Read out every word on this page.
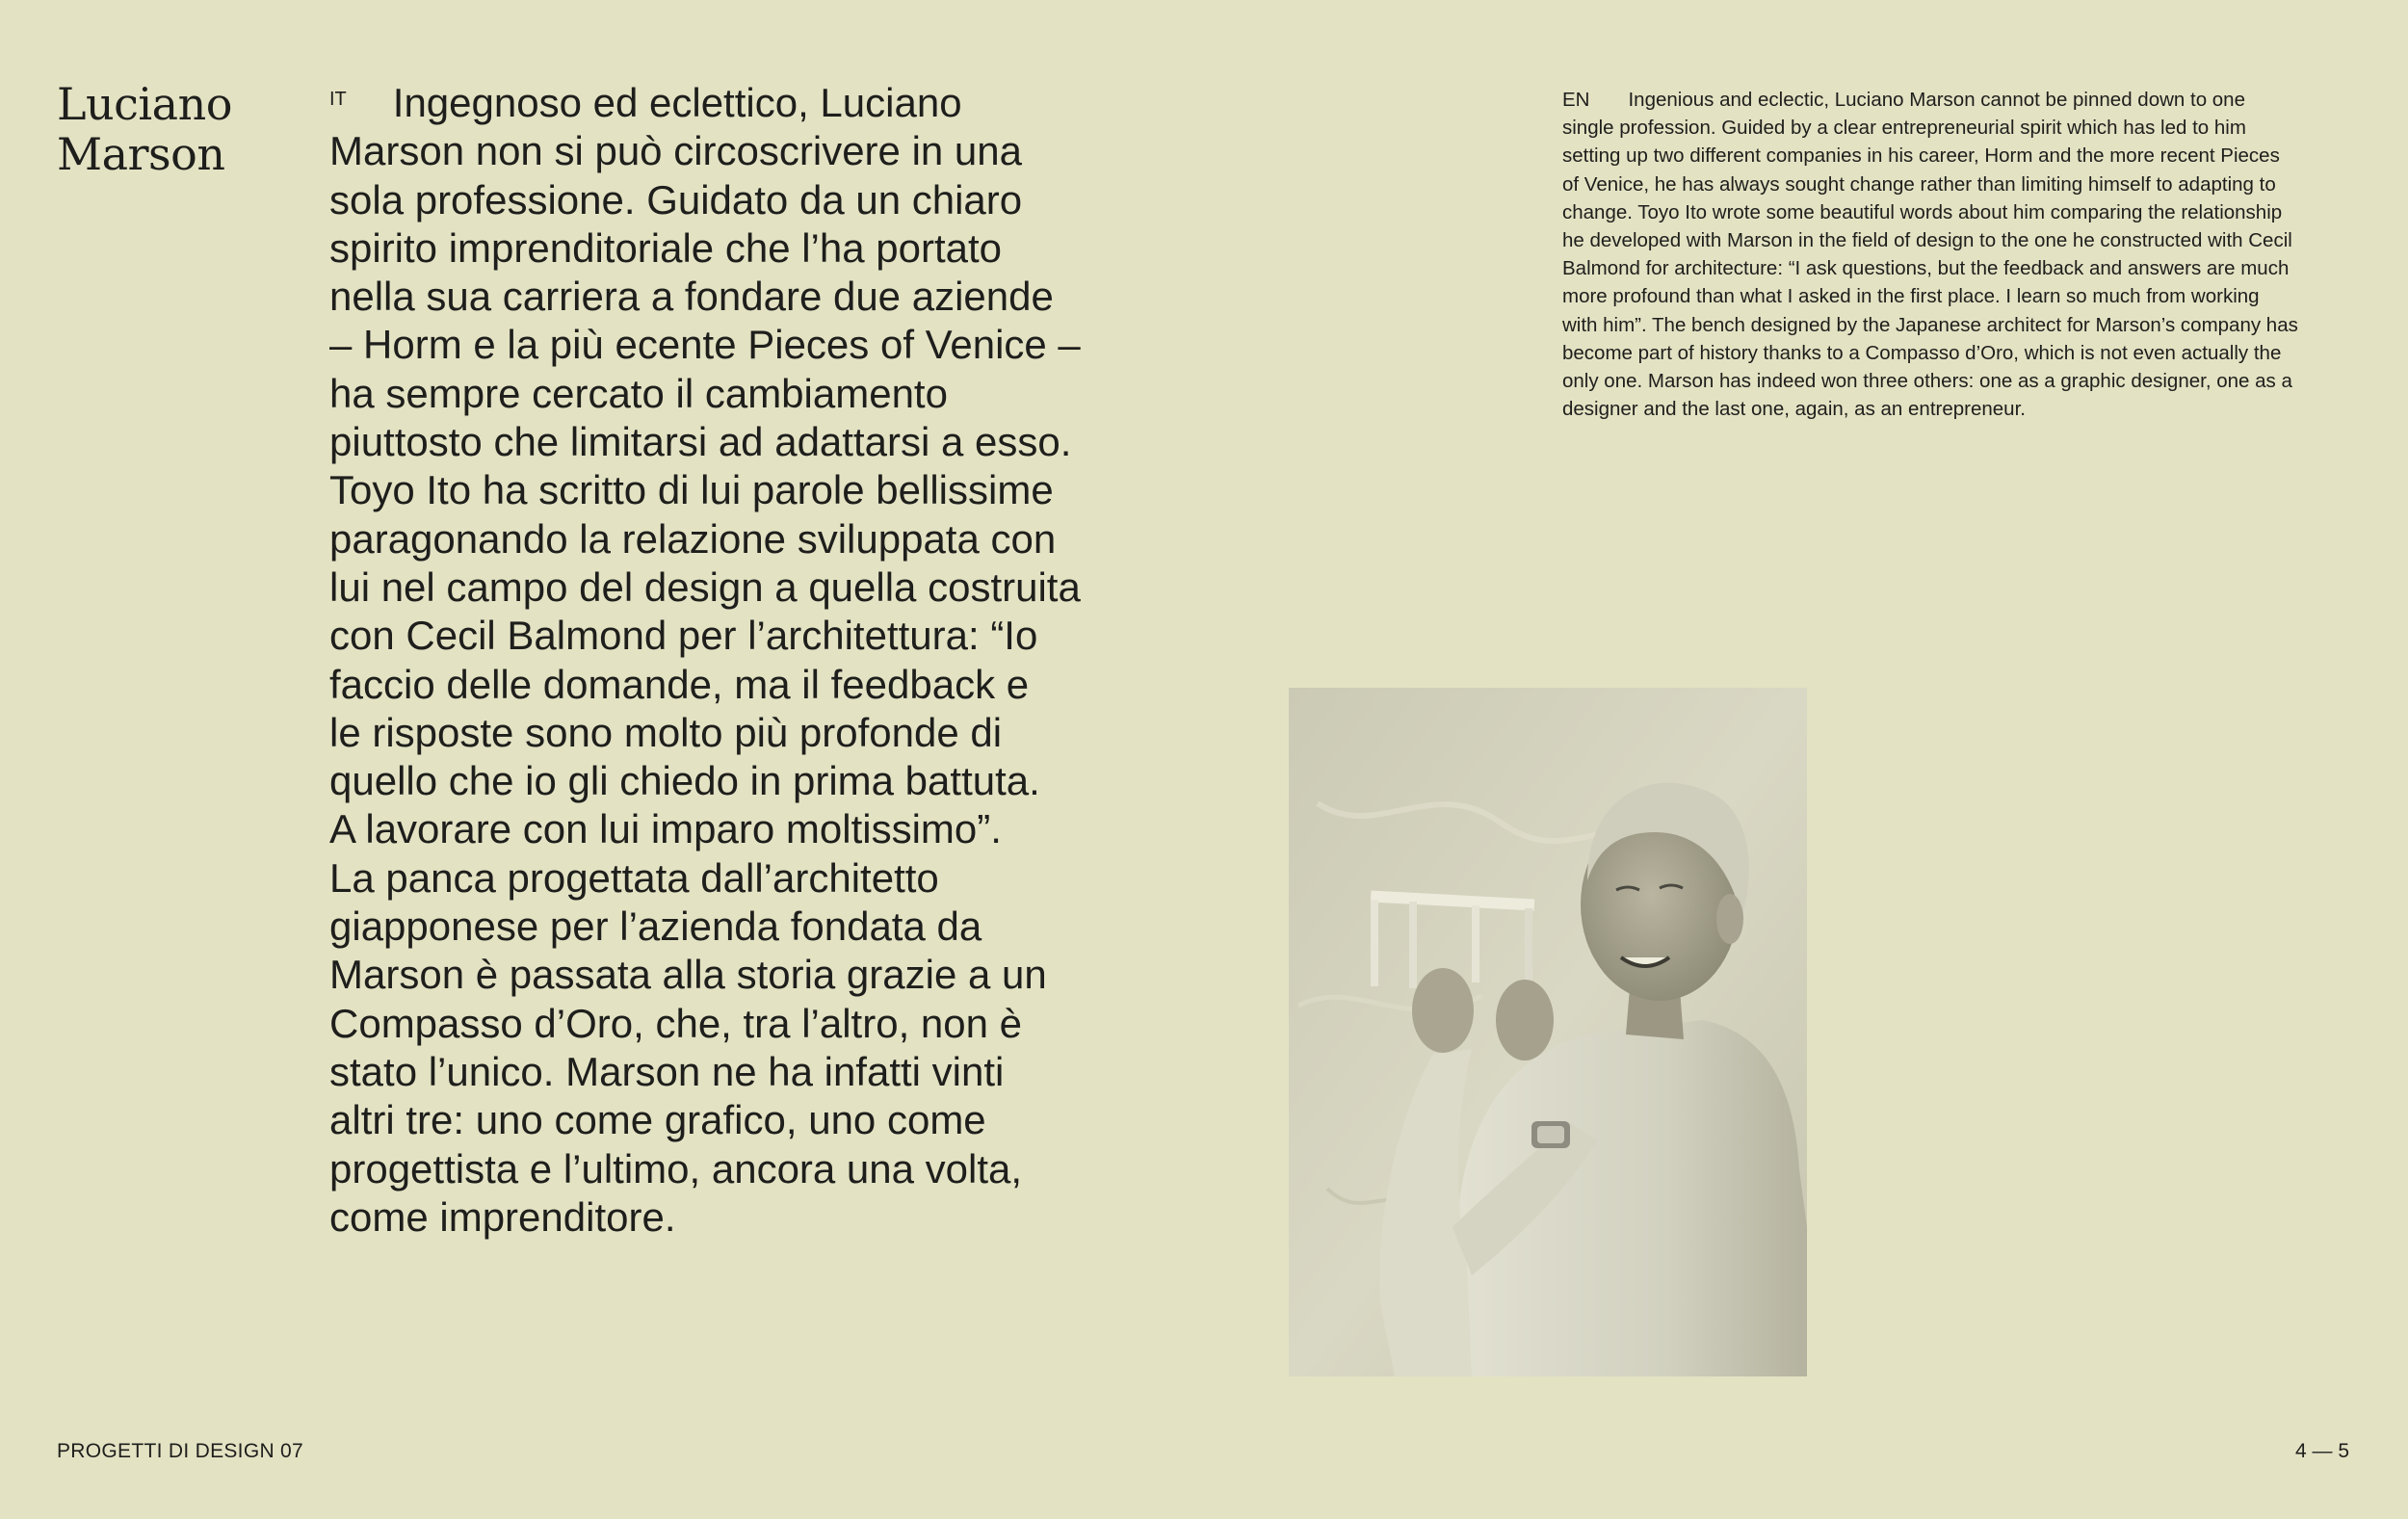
Luciano
Marson

$^{IT}$ Ingegnoso ed eclettico, Luciano
Marson non si può circoscrivere in una
sola professione. Guidato da un chiaro
spirito imprenditoriale che l’ha portato
nella sua carriera a fondare due aziende
– Horm e la più ecente Pieces of Venice –
ha sempre cercato il cambiamento
piuttosto che limitarsi ad adattarsi a esso.
Toyo Ito ha scritto di lui parole bellissime
paragonando la relazione sviluppata con
lui nel campo del design a quella costruita
con Cecil Balmond per l’architettura: “Io
faccio delle domande, ma il feedback e
le risposte sono molto più profonde di
quello che io gli chiedo in prima battuta.
A lavorare con lui imparo moltissimo”.
La panca progettata dall’architetto
giapponese per l’azienda fondata da
Marson è passata alla storia grazie a un
Compasso d’Oro, che, tra l’altro, non è
stato l’unico. Marson ne ha infatti vinti
altri tre: uno come grafico, uno come
progettista e l’ultimo, ancora una volta,
come imprenditore.

EN Ingenious and eclectic, Luciano Marson cannot be pinned down to one
single profession. Guided by a clear entrepreneurial spirit which has led to him
setting up two different companies in his career, Horm and the more recent Pieces
of Venice, he has always sought change rather than limiting himself to adapting to
change. Toyo Ito wrote some beautiful words about him comparing the relationship
he developed with Marson in the field of design to the one he constructed with Cecil
Balmond for architecture: “I ask questions, but the feedback and answers are much
more profound than what I asked in the first place. I learn so much from working
with him”. The bench designed by the Japanese architect for Marson’s company has
become part of history thanks to a Compasso d’Oro, which is not even actually the
only one. Marson has indeed won three others: one as a graphic designer, one as a
designer and the last one, again, as an entrepreneur.

PROGETTI DI DESIGN 07	4 — 5
